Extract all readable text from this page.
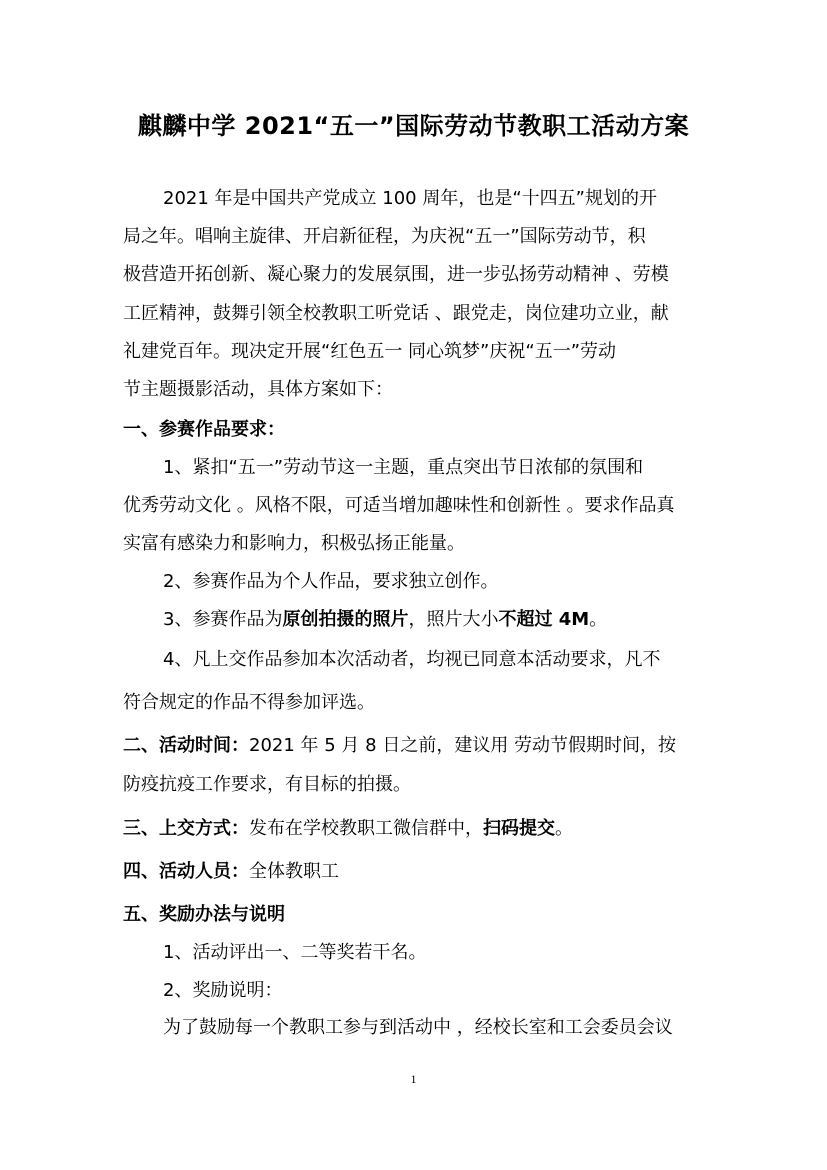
麒麟中学 2021“五一”国际劳动节教职工活动方案
2021 年是中国共产党成立 100 周年，也是“十四五”规划的开
局之年。唱响主旋律、开启新征程，为庆祝“五一”国际劳动节，积
极营造开拓创新、凝心聚力的发展氛围，进一步弘扬劳动精神 、劳模
工匠精神，鼓舞引领全校教职工听党话 、跟党走，岗位建功立业，献
礼建党百年。现决定开展“红色五一 同心筑梦”庆祝“五一”劳动
节主题摄影活动，具体方案如下：
一、参赛作品要求：
1、紧扣“五一”劳动节这一主题，重点突出节日浓郁的氛围和
优秀劳动文化 。风格不限，可适当增加趣味性和创新性 。要求作品真
实富有感染力和影响力，积极弘扬正能量。
2、参赛作品为个人作品，要求独立创作。
3、参赛作品为原创拍摄的照片，照片大小不超过 4M。
4、凡上交作品参加本次活动者，均视已同意本活动要求，凡不
符合规定的作品不得参加评选。
二、活动时间：2021 年 5 月 8 日之前，建议用 劳动节假期时间，按
防疫抗疫工作要求，有目标的拍摄。
三、上交方式：发布在学校教职工微信群中，扫码提交。
四、活动人员：全体教职工
五、奖励办法与说明
1、活动评出一、二等奖若干名。
2、奖励说明：
为了鼓励每一个教职工参与到活动中 ，经校长室和工会委员会议
1
